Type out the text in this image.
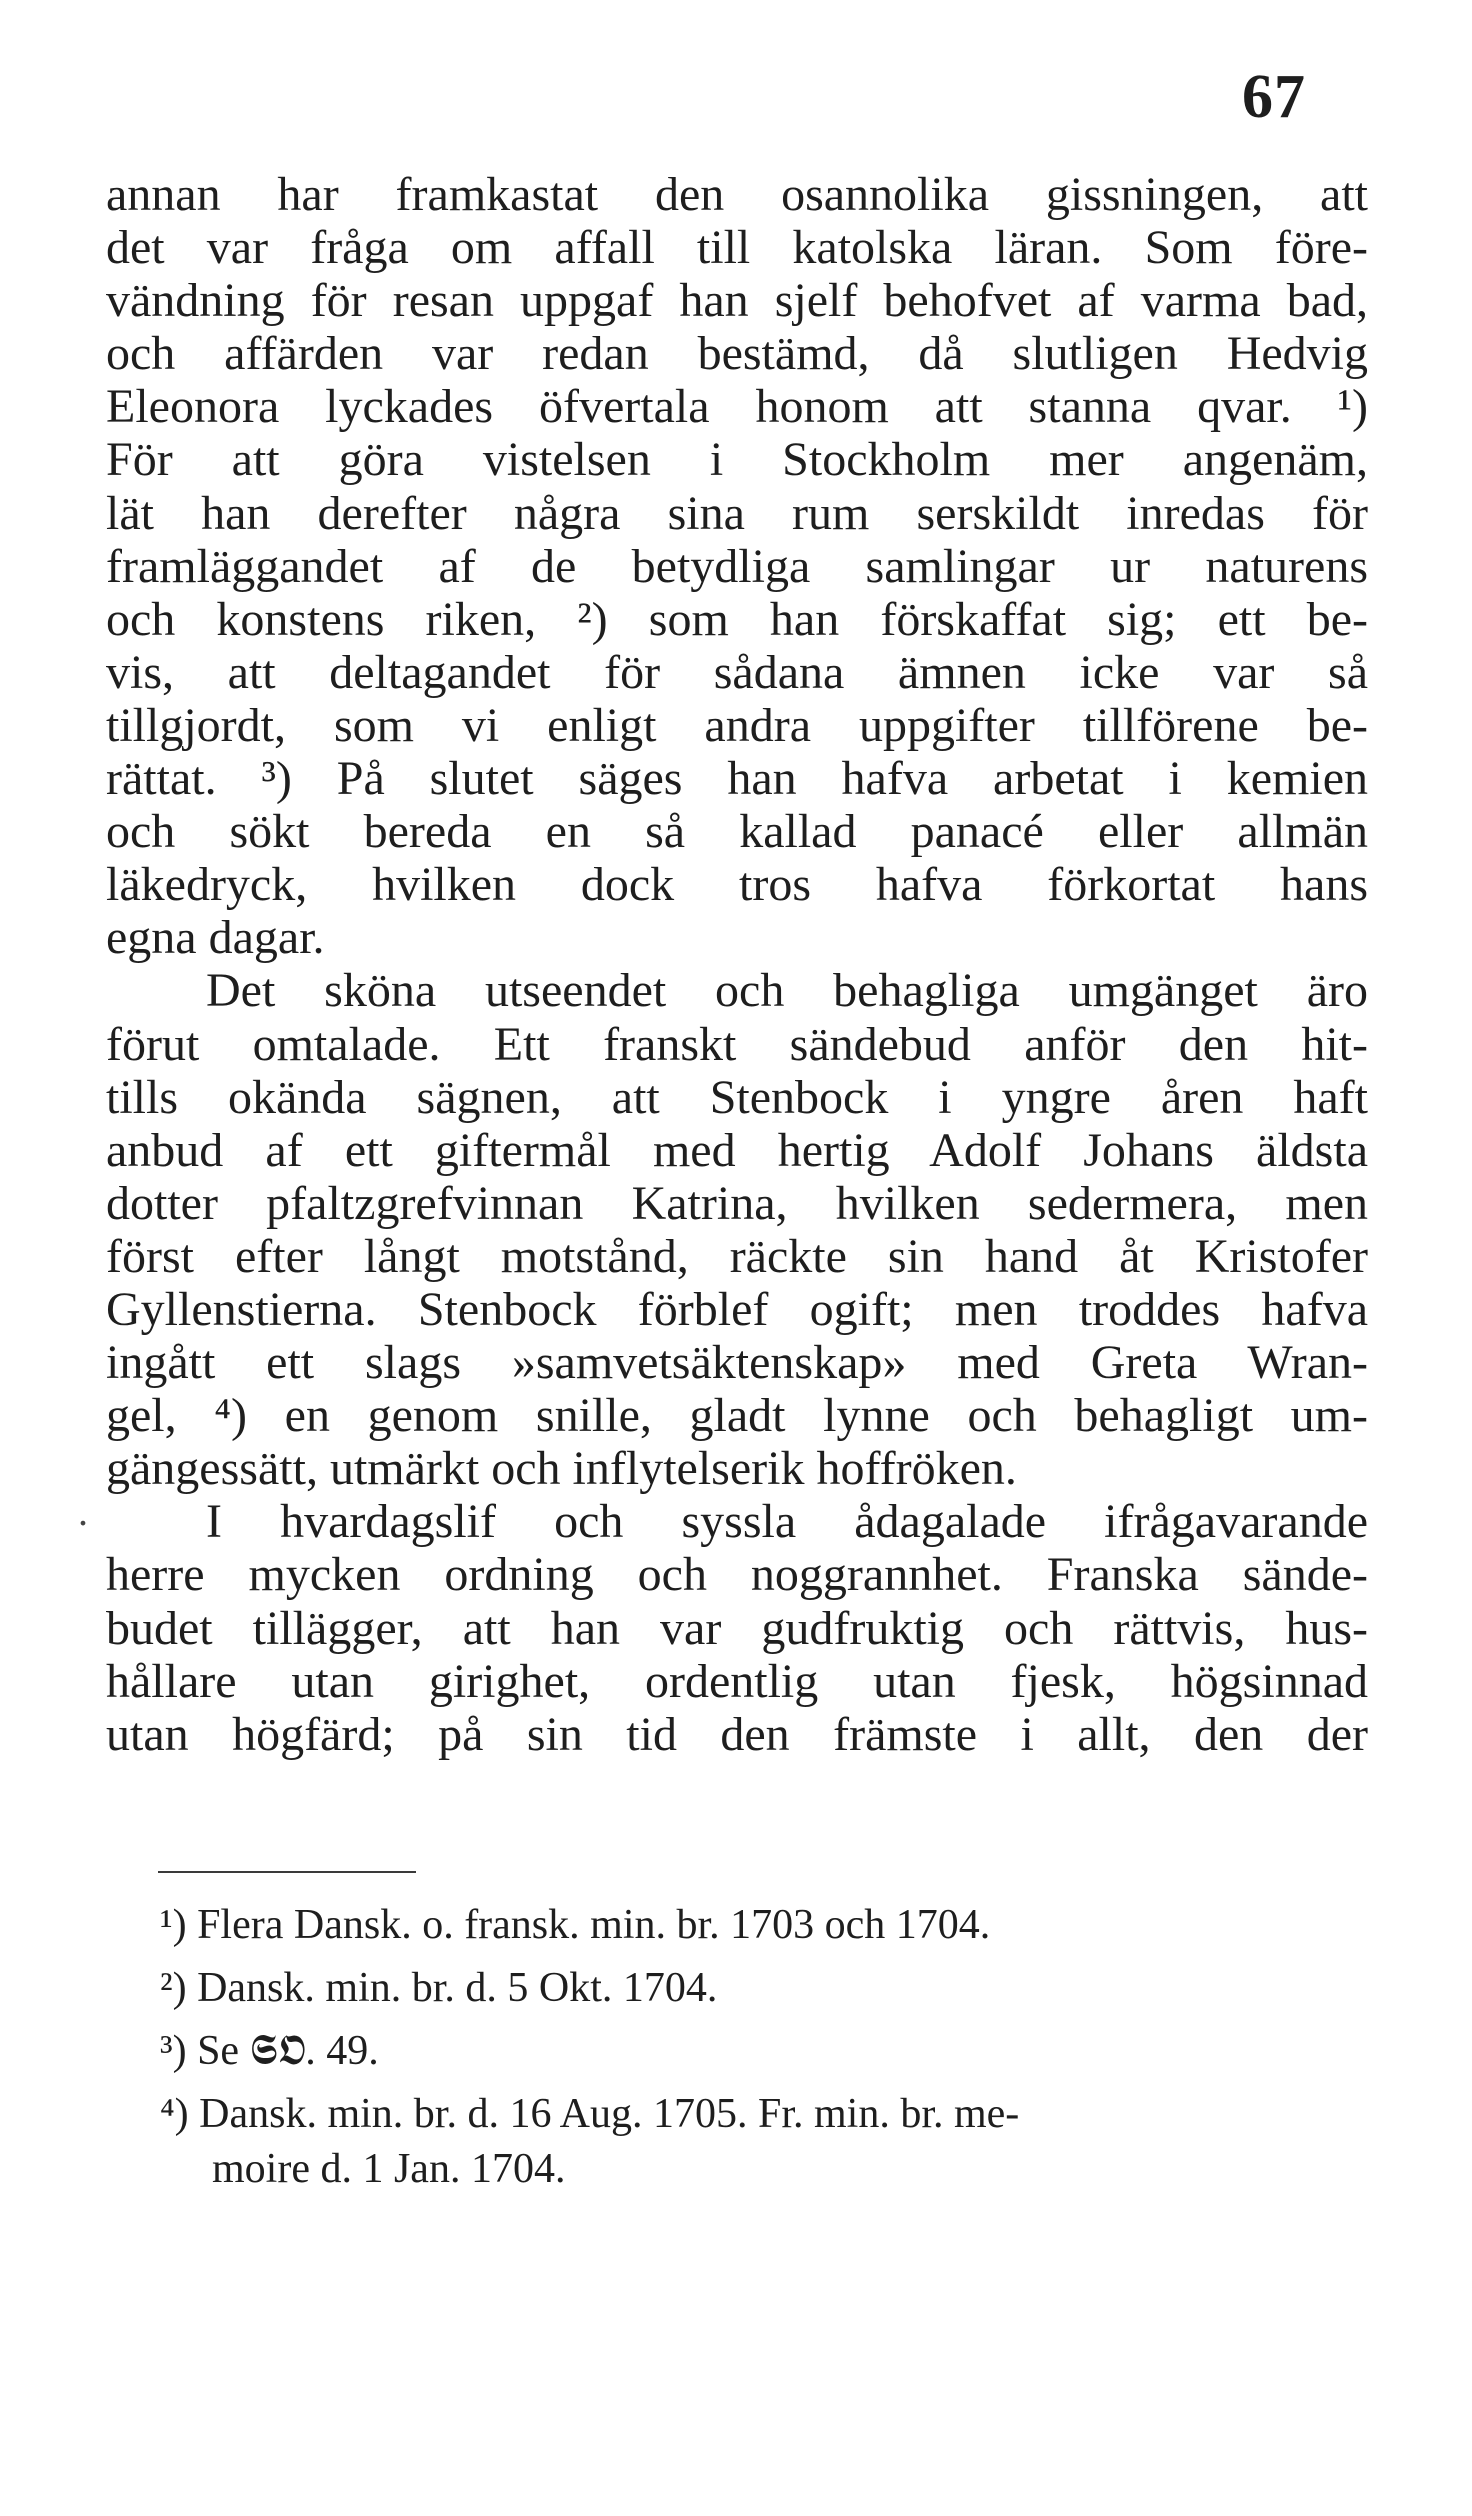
67
.
annan har framkastat den osannolika gissningen, att
det var fråga om affall till katolska läran. Som före-
vändning för resan uppgaf han sjelf behofvet af varma bad,
och affärden var redan bestämd, då slutligen Hedvig
Eleonora lyckades öfvertala honom att stanna qvar. ¹)
För att göra vistelsen i Stockholm mer angenäm,
lät han derefter några sina rum serskildt inredas för
framläggandet af de betydliga samlingar ur naturens
och konstens riken, ²) som han förskaffat sig; ett be-
vis, att deltagandet för sådana ämnen icke var så
tillgjordt, som vi enligt andra uppgifter tillförene be-
rättat. ³) På slutet säges han hafva arbetat i kemien
och sökt bereda en så kallad panacé eller allmän
läkedryck, hvilken dock tros hafva förkortat hans
egna dagar.
Det sköna utseendet och behagliga umgänget äro
förut omtalade. Ett franskt sändebud anför den hit-
tills okända sägnen, att Stenbock i yngre åren haft
anbud af ett giftermål med hertig Adolf Johans äldsta
dotter pfaltzgrefvinnan Katrina, hvilken sedermera, men
först efter långt motstånd, räckte sin hand åt Kristofer
Gyllenstierna. Stenbock förblef ogift; men troddes hafva
ingått ett slags »samvetsäktenskap» med Greta Wran-
gel, ⁴) en genom snille, gladt lynne och behagligt um-
gängessätt, utmärkt och inflytelserik hoffröken.
I hvardagslif och syssla ådagalade ifrågavarande
herre mycken ordning och noggrannhet. Franska sände-
budet tillägger, att han var gudfruktig och rättvis, hus-
hållare utan girighet, ordentlig utan fjesk, högsinnad
utan högfärd; på sin tid den främste i allt, den der
¹) Flera Dansk. o. fransk. min. br. 1703 och 1704.
²) Dansk. min. br. d. 5 Okt. 1704.
³) Se 𝕾𝕺. 49.
⁴) Dansk. min. br. d. 16 Aug. 1705. Fr. min. br. me-
moire d. 1 Jan. 1704.
